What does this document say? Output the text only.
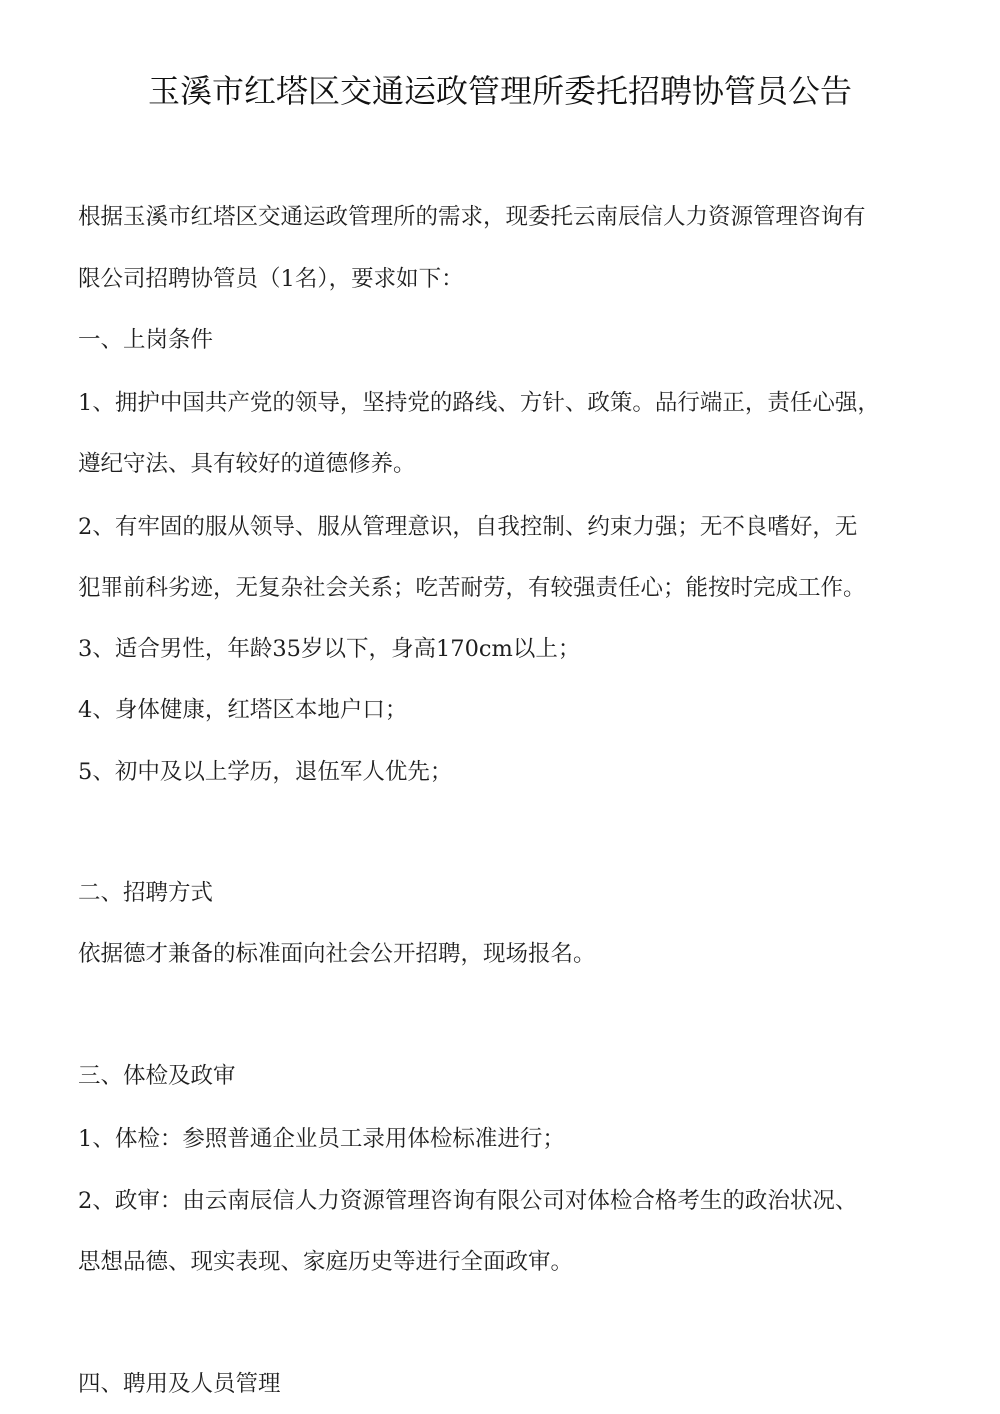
玉溪市红塔区交通运政管理所委托招聘协管员公告
根据玉溪市红塔区交通运政管理所的需求，现委托云南辰信人力资源管理咨询有
限公司招聘协管员（1名），要求如下：
一、上岗条件
1、拥护中国共产党的领导，坚持党的路线、方针、政策。品行端正，责任心强，
遵纪守法、具有较好的道德修养。
2、有牢固的服从领导、服从管理意识，自我控制、约束力强；无不良嗜好，无
犯罪前科劣迹，无复杂社会关系；吃苦耐劳，有较强责任心；能按时完成工作。
3、适合男性，年龄35岁以下，身高170cm以上；
4、身体健康，红塔区本地户口；
5、初中及以上学历，退伍军人优先；
二、招聘方式
依据德才兼备的标准面向社会公开招聘，现场报名。
三、体检及政审
1、体检：参照普通企业员工录用体检标准进行；
2、政审：由云南辰信人力资源管理咨询有限公司对体检合格考生的政治状况、
思想品德、现实表现、家庭历史等进行全面政审。
四、聘用及人员管理
